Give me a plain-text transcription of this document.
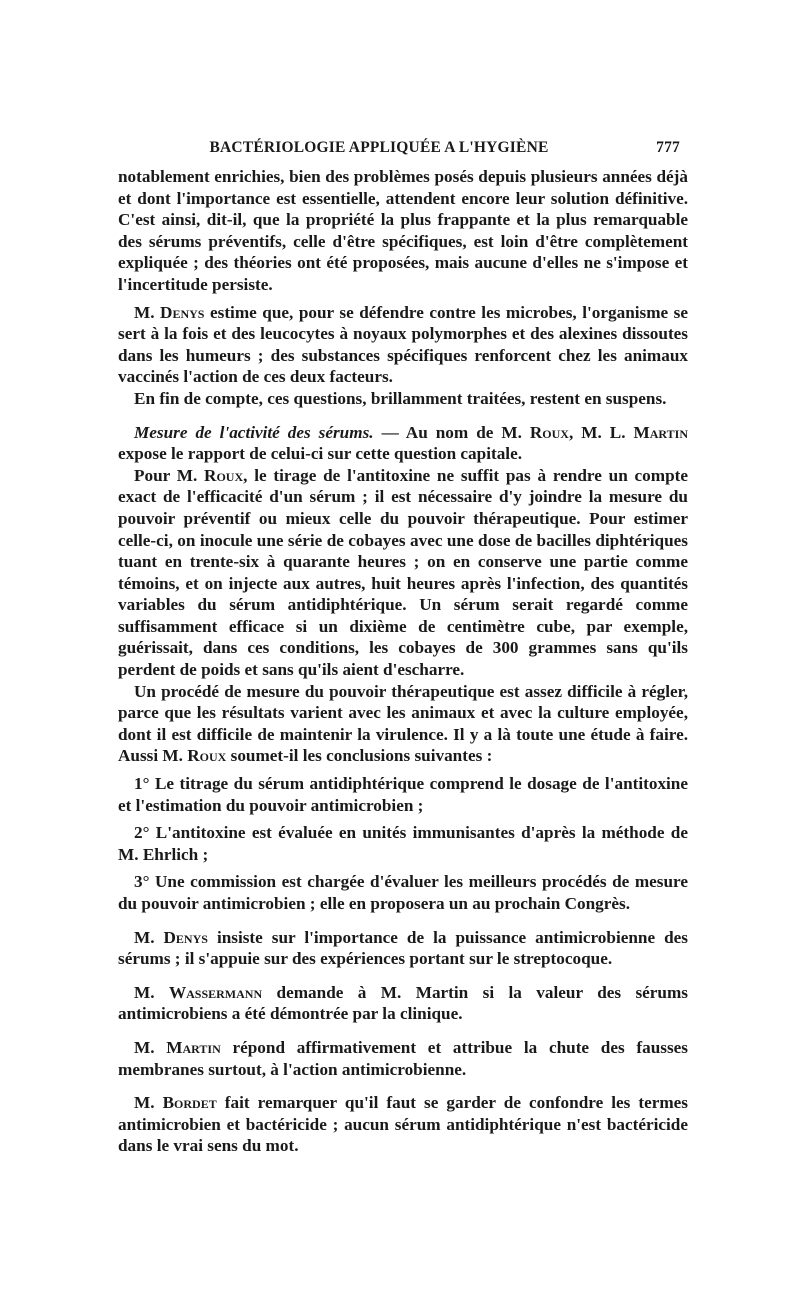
BACTÉRIOLOGIE APPLIQUÉE A L'HYGIÈNE	777

notablement enrichies, bien des problèmes posés depuis plusieurs années déjà et dont l'importance est essentielle, attendent encore leur solution définitive. C'est ainsi, dit-il, que la propriété la plus frappante et la plus remarquable des sérums préventifs, celle d'être spécifiques, est loin d'être complètement expliquée ; des théories ont été proposées, mais aucune d'elles ne s'impose et l'incertitude persiste.

M. Denys estime que, pour se défendre contre les microbes, l'organisme se sert à la fois et des leucocytes à noyaux polymorphes et des alexines dissoutes dans les humeurs ; des substances spécifiques renforcent chez les animaux vaccinés l'action de ces deux facteurs.

En fin de compte, ces questions, brillamment traitées, restent en suspens.

Mesure de l'activité des sérums. — Au nom de M. Roux, M. L. Martin expose le rapport de celui-ci sur cette question capitale.

Pour M. Roux, le tirage de l'antitoxine ne suffit pas à rendre un compte exact de l'efficacité d'un sérum ; il est nécessaire d'y joindre la mesure du pouvoir préventif ou mieux celle du pouvoir thérapeutique. Pour estimer celle-ci, on inocule une série de cobayes avec une dose de bacilles diphtériques tuant en trente-six à quarante heures ; on en conserve une partie comme témoins, et on injecte aux autres, huit heures après l'infection, des quantités variables du sérum antidiphtérique. Un sérum serait regardé comme suffisamment efficace si un dixième de centimètre cube, par exemple, guérissait, dans ces conditions, les cobayes de 300 grammes sans qu'ils perdent de poids et sans qu'ils aient d'escharre.

Un procédé de mesure du pouvoir thérapeutique est assez difficile à régler, parce que les résultats varient avec les animaux et avec la culture employée, dont il est difficile de maintenir la virulence. Il y a là toute une étude à faire. Aussi M. Roux soumet-il les conclusions suivantes :

1° Le titrage du sérum antidiphtérique comprend le dosage de l'antitoxine et l'estimation du pouvoir antimicrobien ;

2° L'antitoxine est évaluée en unités immunisantes d'après la méthode de M. Ehrlich ;

3° Une commission est chargée d'évaluer les meilleurs procédés de mesure du pouvoir antimicrobien ; elle en proposera un au prochain Congrès.

M. Denys insiste sur l'importance de la puissance antimicrobienne des sérums ; il s'appuie sur des expériences portant sur le streptocoque.

M. Wassermann demande à M. Martin si la valeur des sérums antimicrobiens a été démontrée par la clinique.

M. Martin répond affirmativement et attribue la chute des fausses membranes surtout, à l'action antimicrobienne.

M. Bordet fait remarquer qu'il faut se garder de confondre les termes antimicrobien et bactéricide ; aucun sérum antidiphtérique n'est bactéricide dans le vrai sens du mot.
